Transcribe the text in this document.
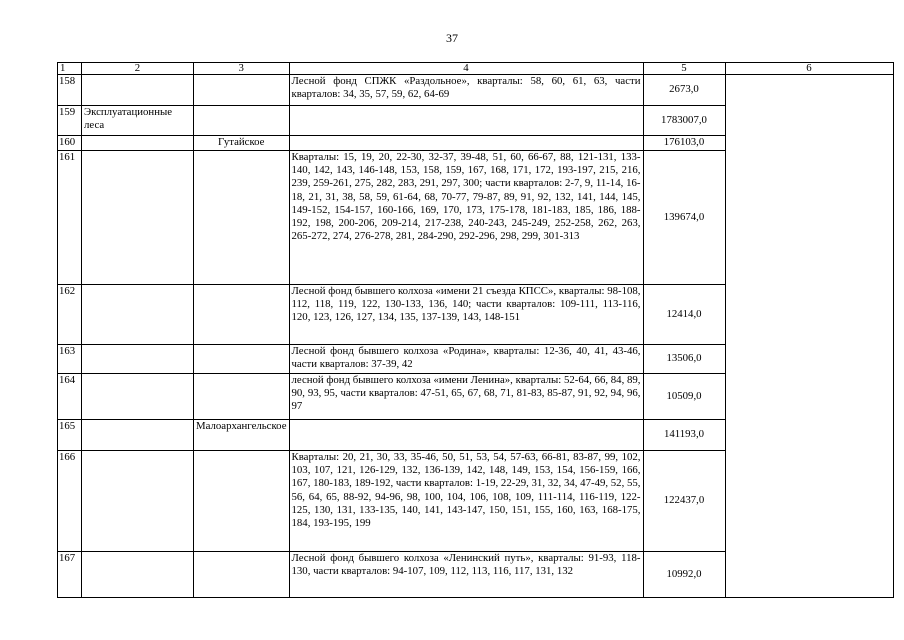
37
1	2	3	4	5	6
158			Лесной фонд СПЖК «Раздольное», кварталы: 58, 60, 61, 63, части кварталов: 34, 35, 57, 59, 62, 64-69	2673,0	
159	Эксплуатационные леса			1783007,0	
160		Гутайское		176103,0	
161			Кварталы: 15, 19, 20, 22-30, 32-37, 39-48, 51, 60, 66-67, 88, 121-131, 133-140, 142, 143, 146-148, 153, 158, 159, 167, 168, 171, 172, 193-197, 215, 216, 239, 259-261, 275, 282, 283, 291, 297, 300; части кварталов: 2-7, 9, 11-14, 16-18, 21, 31, 38, 58, 59, 61-64, 68, 70-77, 79-87, 89, 91, 92, 132, 141, 144, 145, 149-152, 154-157, 160-166, 169, 170, 173, 175-178, 181-183, 185, 186, 188-192, 198, 200-206, 209-214, 217-238, 240-243, 245-249, 252-258, 262, 263, 265-272, 274, 276-278, 281, 284-290, 292-296, 298, 299, 301-313	139674,0	
162			Лесной фонд бывшего колхоза «имени 21 съезда КПСС», кварталы: 98-108, 112, 118, 119, 122, 130-133, 136, 140; части кварталов: 109-111, 113-116, 120, 123, 126, 127, 134, 135, 137-139, 143, 148-151	12414,0	
163			Лесной фонд бывшего колхоза «Родина», кварталы: 12-36, 40, 41, 43-46, части кварталов: 37-39, 42	13506,0	
164			лесной фонд бывшего колхоза «имени Ленина», кварталы: 52-64, 66, 84, 89, 90, 93, 95, части кварталов: 47-51, 65, 67, 68, 71, 81-83, 85-87, 91, 92, 94, 96, 97	10509,0	
165		Малоархангельское		141193,0	
166			Кварталы: 20, 21, 30, 33, 35-46, 50, 51, 53, 54, 57-63, 66-81, 83-87, 99, 102, 103, 107, 121, 126-129, 132, 136-139, 142, 148, 149, 153, 154, 156-159, 166, 167, 180-183, 189-192, части кварталов: 1-19, 22-29, 31, 32, 34, 47-49, 52, 55, 56, 64, 65, 88-92, 94-96, 98, 100, 104, 106, 108, 109, 111-114, 116-119, 122-125, 130, 131, 133-135, 140, 141, 143-147, 150, 151, 155, 160, 163, 168-175, 184, 193-195, 199	122437,0	
167			Лесной фонд бывшего колхоза «Ленинский путь», кварталы: 91-93, 118-130, части кварталов: 94-107, 109, 112, 113, 116, 117, 131, 132	10992,0	
